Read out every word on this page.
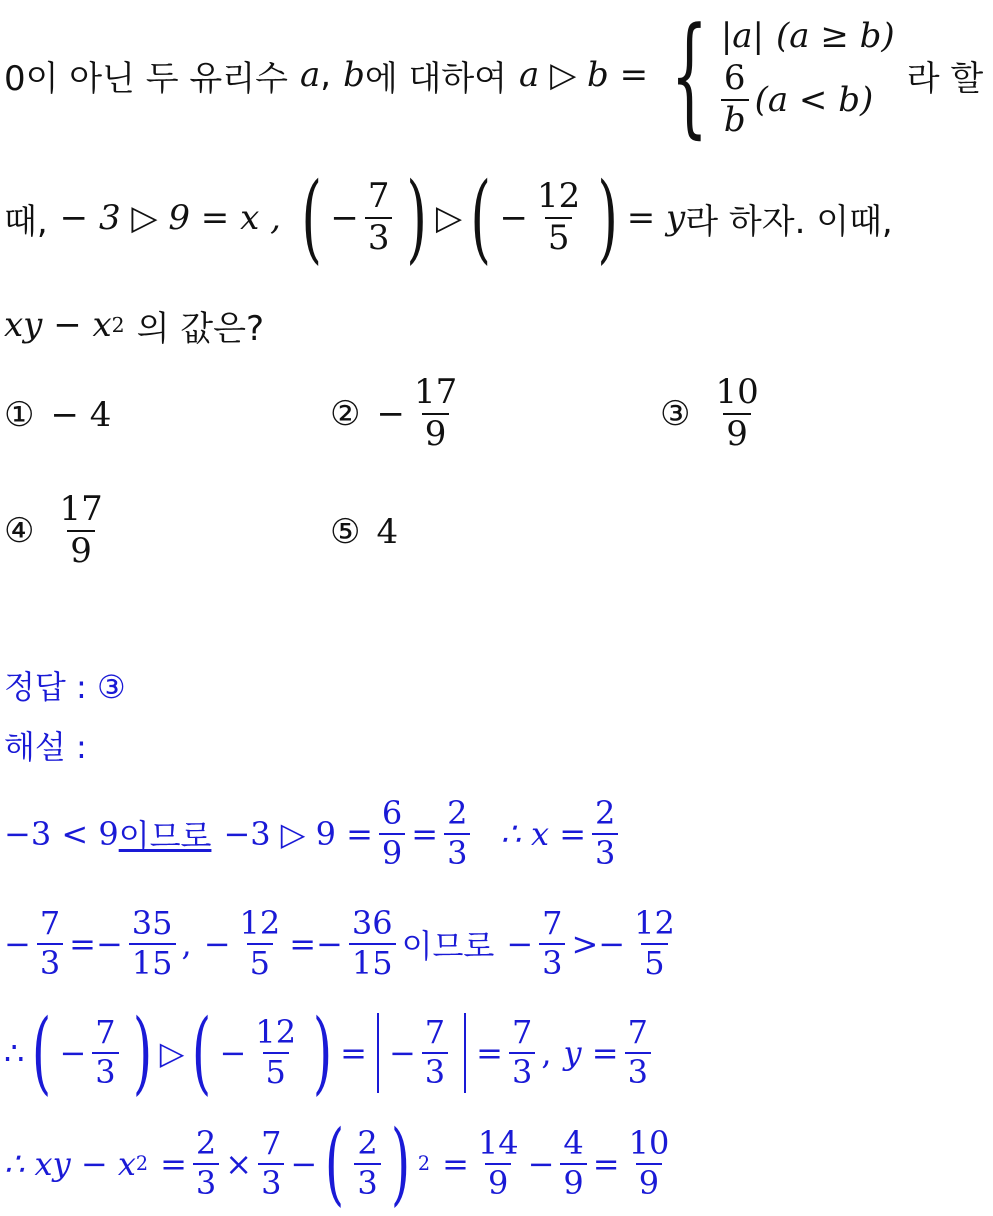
0이 아닌 두 유리수 a , b 에 대하여 a ▷ b = { |a| (a ≥ b)
$\frac{6}{b} (a < b)$
라 할
때, − 3 ▷ 9 = x , ( − $\frac{7}{3}$ ) ▷ ( − $\frac{12}{5}$ ) = y 라 하자. 이때,
xy − x 2 의 값은?
① − 4	② − $\frac{17}{9}$	③ $\frac{10}{9}$
④ $\frac{17}{9}$	⑤ 4
정답 : ③
해설 :
−3 < 9 이므로 −3 ▷ $9 = \frac{6}{9} = \frac{2}{3}$ ∴ $x = \frac{2}{3}$
− $\frac{7}{3} =- \frac{35}{15}$ , − $\frac{12}{5} =- \frac{36}{15}$ 이므로 − $\frac{7}{3} >- \frac{12}{5}$
∴ ( − $\frac{7}{3}$ ) ▷ ( − $\frac{12}{5}$ ) = − $\frac{7}{3} = \frac{7}{3}$ , $y = \frac{7}{3}$
∴ xy − x $2 = \frac{2}{3} \times \frac{7}{3}$ − ( $\frac{2}{3}$ ) $2 = \frac{14}{9} - \frac{4}{9} = \frac{10}{9}$
